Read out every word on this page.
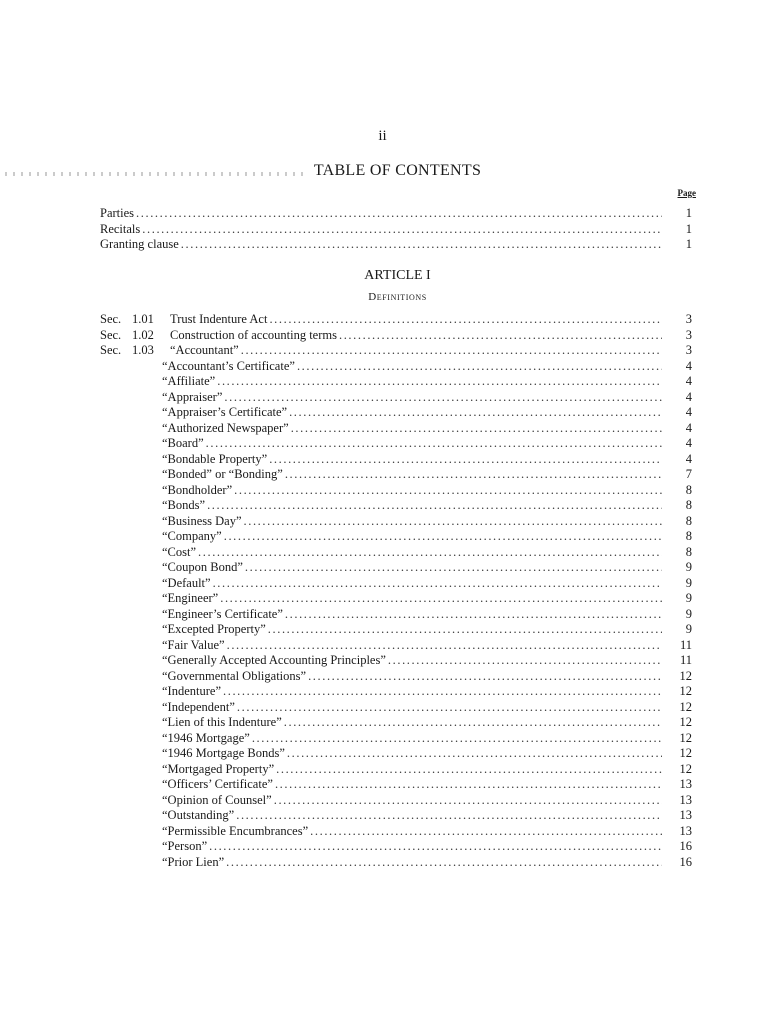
ii
TABLE OF CONTENTS
Page
Parties .....	1
Recitals .....	1
Granting clause .....	1
ARTICLE I
Definitions
Sec. 1.01	Trust Indenture Act .....	3
Sec. 1.02	Construction of accounting terms .....	3
Sec. 1.03	“Accountant” .....	3
“Accountant’s Certificate” .....	4
“Affiliate” .....	4
“Appraiser” .....	4
“Appraiser’s Certificate” .....	4
“Authorized Newspaper” .....	4
“Board” .....	4
“Bondable Property” .....	4
“Bonded” or “Bonding” .....	7
“Bondholder” .....	8
“Bonds” .....	8
“Business Day” .....	8
“Company” .....	8
“Cost” .....	8
“Coupon Bond” .....	9
“Default” .....	9
“Engineer” .....	9
“Engineer’s Certificate” .....	9
“Excepted Property” .....	9
“Fair Value” .....	11
“Generally Accepted Accounting Principles” .....	11
“Governmental Obligations” .....	12
“Indenture” .....	12
“Independent” .....	12
“Lien of this Indenture” .....	12
“1946 Mortgage” .....	12
“1946 Mortgage Bonds” .....	12
“Mortgaged Property” .....	12
“Officers’ Certificate” .....	13
“Opinion of Counsel” .....	13
“Outstanding” .....	13
“Permissible Encumbrances” .....	13
“Person” .....	16
“Prior Lien” .....	16
